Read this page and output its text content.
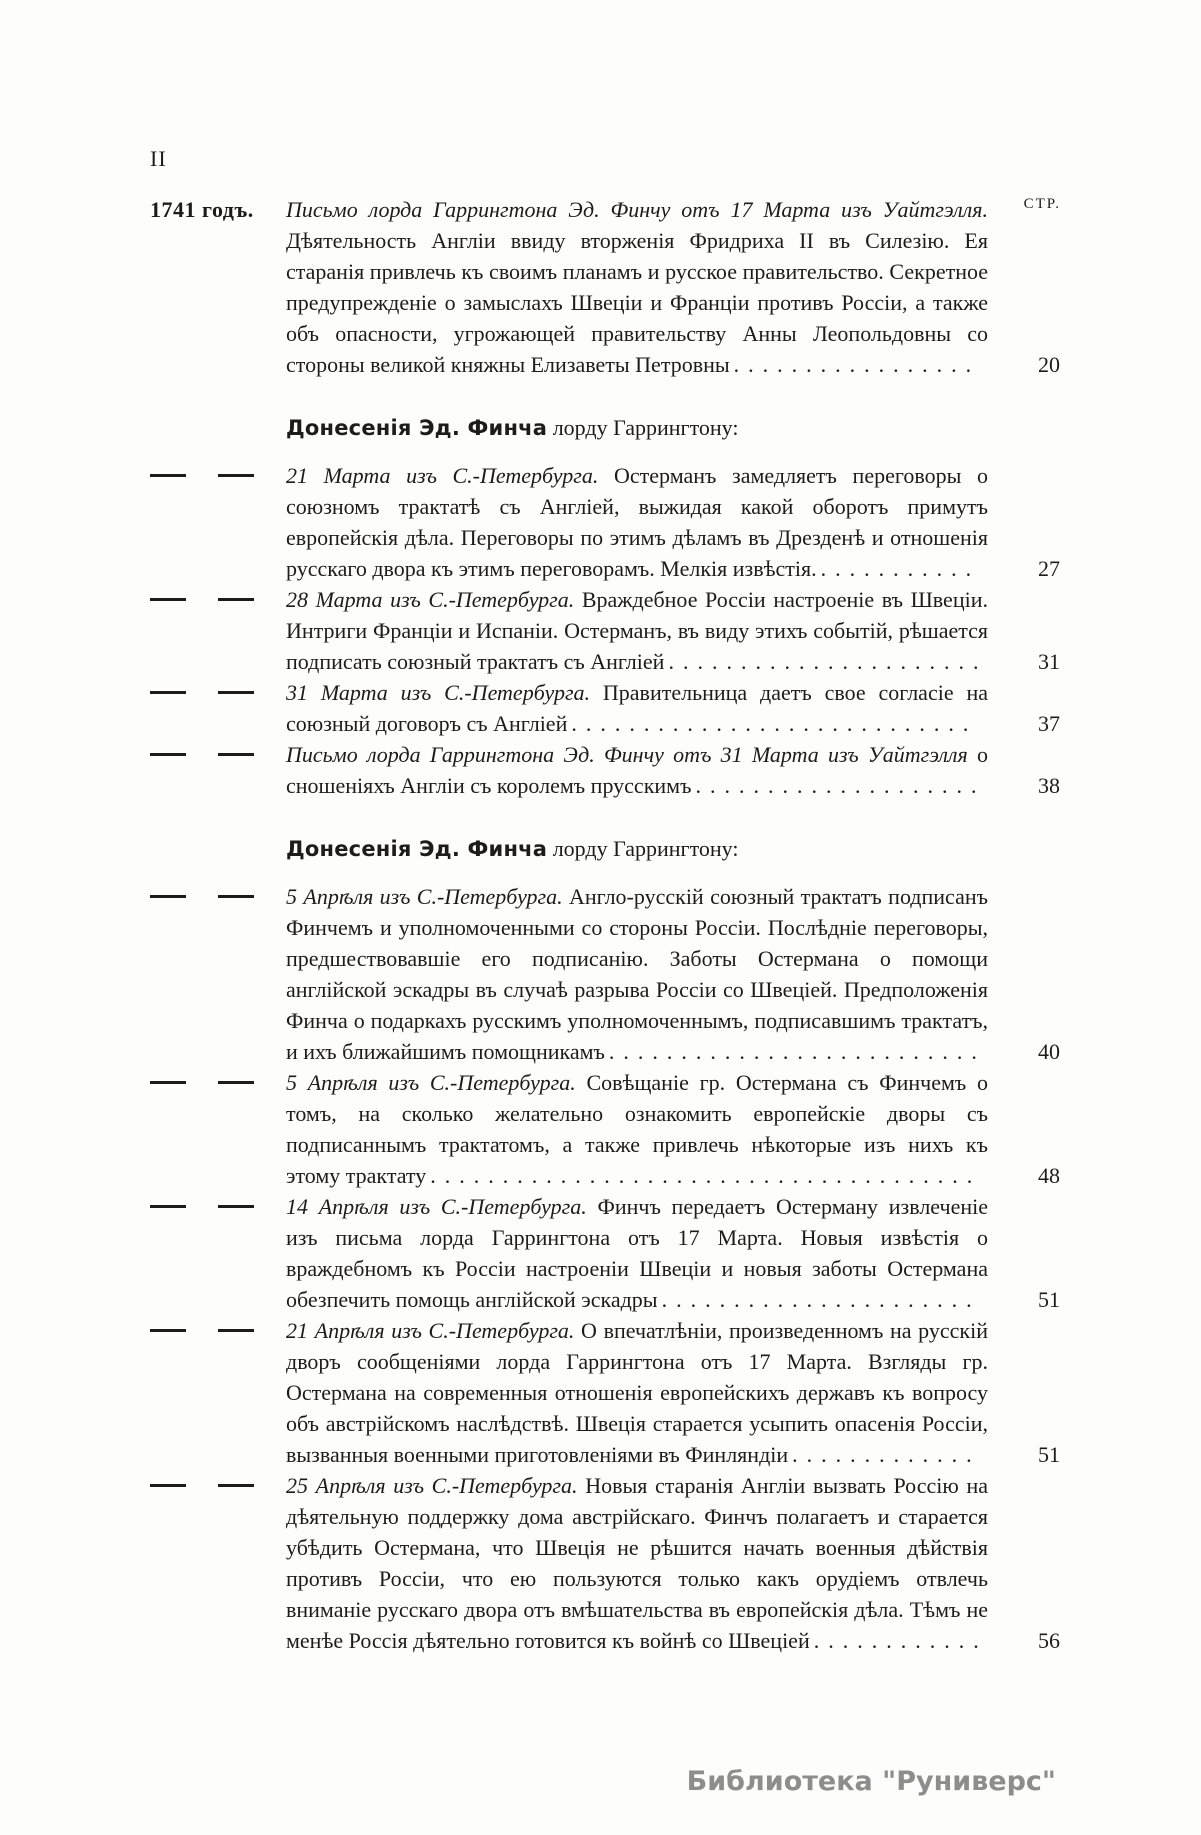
II
СТР.
1741 годъ.	Письмо лорда Гаррингтона Эд. Финчу отъ 17 Марта изъ Уайтгэлля. Дѣятельность Англіи ввиду вторженія Фридриха II въ Силезію. Ея старанія привлечь къ своимъ планамъ и русское правительство. Секретное предупрежденіе о замыслахъ Швеціи и Франціи противъ Россіи, а также объ опасности, угрожающей правительству Анны Леопольдовны со стороны великой княжны Елизаветы Петровны .................	20
Донесенія Эд. Финча лорду Гаррингтону:
21 Марта изъ С.-Петербурга. Остерманъ замедляетъ переговоры о союзномъ трактатѣ съ Англіей, выжидая какой оборотъ примутъ европейскія дѣла. Переговоры по этимъ дѣламъ въ Дрезденѣ и отношенія русскаго двора къ этимъ переговорамъ. Мелкія извѣстія. ...........	27
28 Марта изъ С.-Петербурга. Враждебное Россіи настроеніе въ Швеціи. Интриги Франціи и Испаніи. Остерманъ, въ виду этихъ событій, рѣшается подписать союзный трактатъ съ Англіей ......................	31
31 Марта изъ С.-Петербурга. Правительница даетъ свое согласіе на союзный договоръ съ Англіей ............................	37
Письмо лорда Гаррингтона Эд. Финчу отъ 31 Марта изъ Уайтгэлля о сношеніяхъ Англіи съ королемъ прусскимъ ....................	38
Донесенія Эд. Финча лорду Гаррингтону:
5 Апрѣля изъ С.-Петербурга. Англо-русскій союзный трактатъ подписанъ Финчемъ и уполномоченными со стороны Россіи. Послѣдніе переговоры, предшествовавшіе его подписанію. Заботы Остермана о помощи англійской эскадры въ случаѣ разрыва Россіи со Швеціей. Предположенія Финча о подаркахъ русскимъ уполномоченнымъ, подписавшимъ трактатъ, и ихъ ближайшимъ помощникамъ ..........................	40
5 Апрѣля изъ С.-Петербурга. Совѣщаніе гр. Остермана съ Финчемъ о томъ, на сколько желательно ознакомить европейскіе дворы съ подписаннымъ трактатомъ, а также привлечь нѣкоторые изъ нихъ къ этому трактату ......................................	48
14 Апрѣля изъ С.-Петербурга. Финчъ передаетъ Остерману извлеченіе изъ письма лорда Гаррингтона отъ 17 Марта. Новыя извѣстія о враждебномъ къ Россіи настроеніи Швеціи и новыя заботы Остермана обезпечить помощь англійской эскадры ......................	51
21 Апрѣля изъ С.-Петербурга. О впечатлѣніи, произведенномъ на русскій дворъ сообщеніями лорда Гаррингтона отъ 17 Марта. Взгляды гр. Остермана на современныя отношенія европейскихъ державъ къ вопросу объ австрійскомъ наслѣдствѣ. Швеція старается усыпить опасенія Россіи, вызванныя военными приготовленіями въ Финляндіи .............	51
25 Апрѣля изъ С.-Петербурга. Новыя старанія Англіи вызвать Россію на дѣятельную поддержку дома австрійскаго. Финчъ полагаетъ и старается убѣдить Остермана, что Швеція не рѣшится начать военныя дѣйствія противъ Россіи, что ею пользуются только какъ орудіемъ отвлечь вниманіе русскаго двора отъ вмѣшательства въ европейскія дѣла. Тѣмъ не менѣе Россія дѣятельно готовится къ войнѣ со Швеціей ............	56
Библиотека "Руниверс"
